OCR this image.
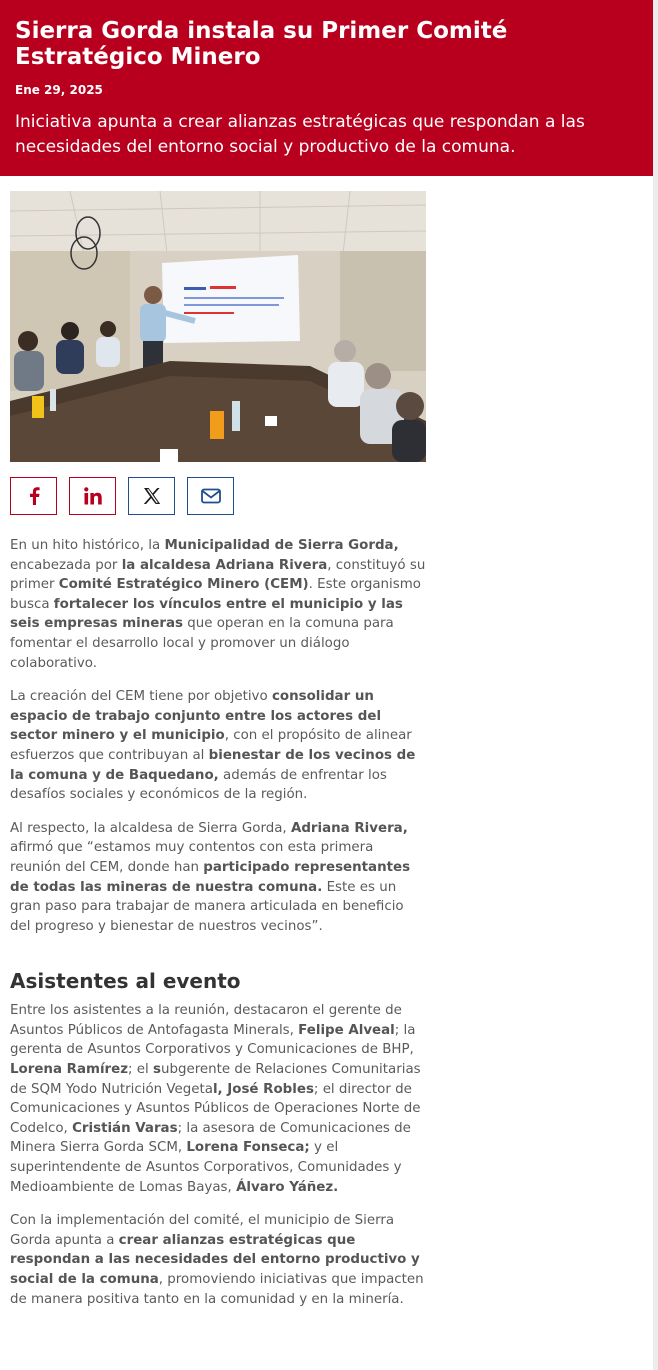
Sierra Gorda instala su Primer Comité Estratégico Minero
Ene 29, 2025
Iniciativa apunta a crear alianzas estratégicas que respondan a las necesidades del entorno social y productivo de la comuna.

En un hito histórico, la Municipalidad de Sierra Gorda, encabezada por la alcaldesa Adriana Rivera, constituyó su primer Comité Estratégico Minero (CEM). Este organismo busca fortalecer los vínculos entre el municipio y las seis empresas mineras que operan en la comuna para fomentar el desarrollo local y promover un diálogo colaborativo.

La creación del CEM tiene por objetivo consolidar un espacio de trabajo conjunto entre los actores del sector minero y el municipio, con el propósito de alinear esfuerzos que contribuyan al bienestar de los vecinos de la comuna y de Baquedano, además de enfrentar los desafíos sociales y económicos de la región.

Al respecto, la alcaldesa de Sierra Gorda, Adriana Rivera, afirmó que “estamos muy contentos con esta primera reunión del CEM, donde han participado representantes de todas las mineras de nuestra comuna. Este es un gran paso para trabajar de manera articulada en beneficio del progreso y bienestar de nuestros vecinos”.

Asistentes al evento

Entre los asistentes a la reunión, destacaron el gerente de Asuntos Públicos de Antofagasta Minerals, Felipe Alveal; la gerenta de Asuntos Corporativos y Comunicaciones de BHP, Lorena Ramírez; el subgerente de Relaciones Comunitarias de SQM Yodo Nutrición Vegetal, José Robles; el director de Comunicaciones y Asuntos Públicos de Operaciones Norte de Codelco, Cristián Varas; la asesora de Comunicaciones de Minera Sierra Gorda SCM, Lorena Fonseca; y el superintendente de Asuntos Corporativos, Comunidades y Medioambiente de Lomas Bayas, Álvaro Yáñez.

Con la implementación del comité, el municipio de Sierra Gorda apunta a crear alianzas estratégicas que respondan a las necesidades del entorno productivo y social de la comuna, promoviendo iniciativas que impacten de manera positiva tanto en la comunidad y en la minería.
